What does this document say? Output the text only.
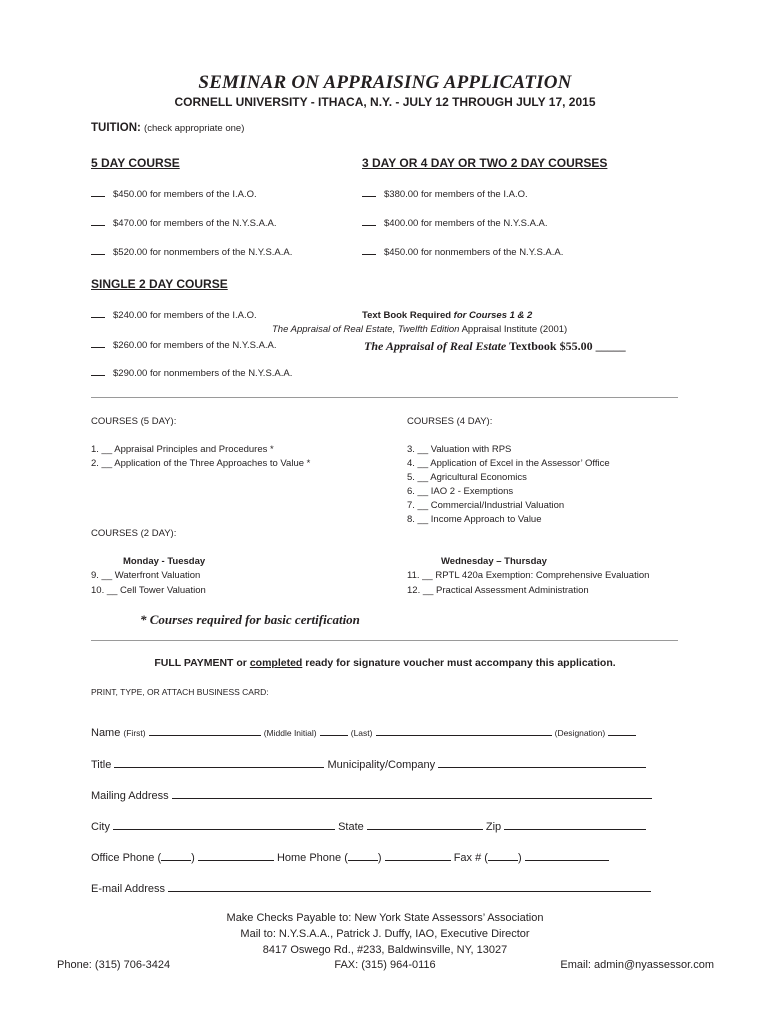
SEMINAR ON APPRAISING APPLICATION
CORNELL UNIVERSITY - ITHACA, N.Y. - JULY 12 THROUGH JULY 17, 2015
TUITION: (check appropriate one)
5 DAY COURSE
$450.00 for members of the I.A.O.
$470.00 for members of the N.Y.S.A.A.
$520.00 for nonmembers of the N.Y.S.A.A.
3 DAY OR 4 DAY OR TWO 2 DAY COURSES
$380.00 for members of the I.A.O.
$400.00 for members of the N.Y.S.A.A.
$450.00 for nonmembers of the N.Y.S.A.A.
SINGLE 2 DAY COURSE
$240.00 for members of the I.A.O.
$260.00 for members of the N.Y.S.A.A.
$290.00 for nonmembers of the N.Y.S.A.A.
Text Book Required for Courses 1 & 2
The Appraisal of Real Estate, Twelfth Edition Appraisal Institute (2001)
The Appraisal of Real Estate Textbook $55.00 _____
COURSES (5 DAY):
1. __ Appraisal Principles and Procedures *
2. __ Application of the Three Approaches to Value *
COURSES (4 DAY):
3. __ Valuation with RPS
4. __ Application of Excel in the Assessor’ Office
5. __ Agricultural Economics
6. __ IAO 2 - Exemptions
7. __ Commercial/Industrial Valuation
8. __ Income Approach to Value
COURSES (2 DAY):
Monday - Tuesday
9. __ Waterfront Valuation
10. __ Cell Tower Valuation
Wednesday – Thursday
11. __ RPTL 420a Exemption: Comprehensive Evaluation
12. __ Practical Assessment Administration
* Courses required for basic certification
FULL PAYMENT or completed ready for signature voucher must accompany this application.
PRINT, TYPE, OR ATTACH BUSINESS CARD:
Name (First)	(Middle Initial)	(Last)	(Designation)
Title	Municipality/Company
Mailing Address
City	State	Zip
Office Phone (	)	Home Phone (	)	Fax # (	)
E-mail Address
Make Checks Payable to: New York State Assessors’ Association
Mail to: N.Y.S.A.A., Patrick J. Duffy, IAO, Executive Director
8417 Oswego Rd., #233, Baldwinsville, NY, 13027
Phone: (315) 706-3424	FAX: (315) 964-0116	Email: admin@nyassessor.com
